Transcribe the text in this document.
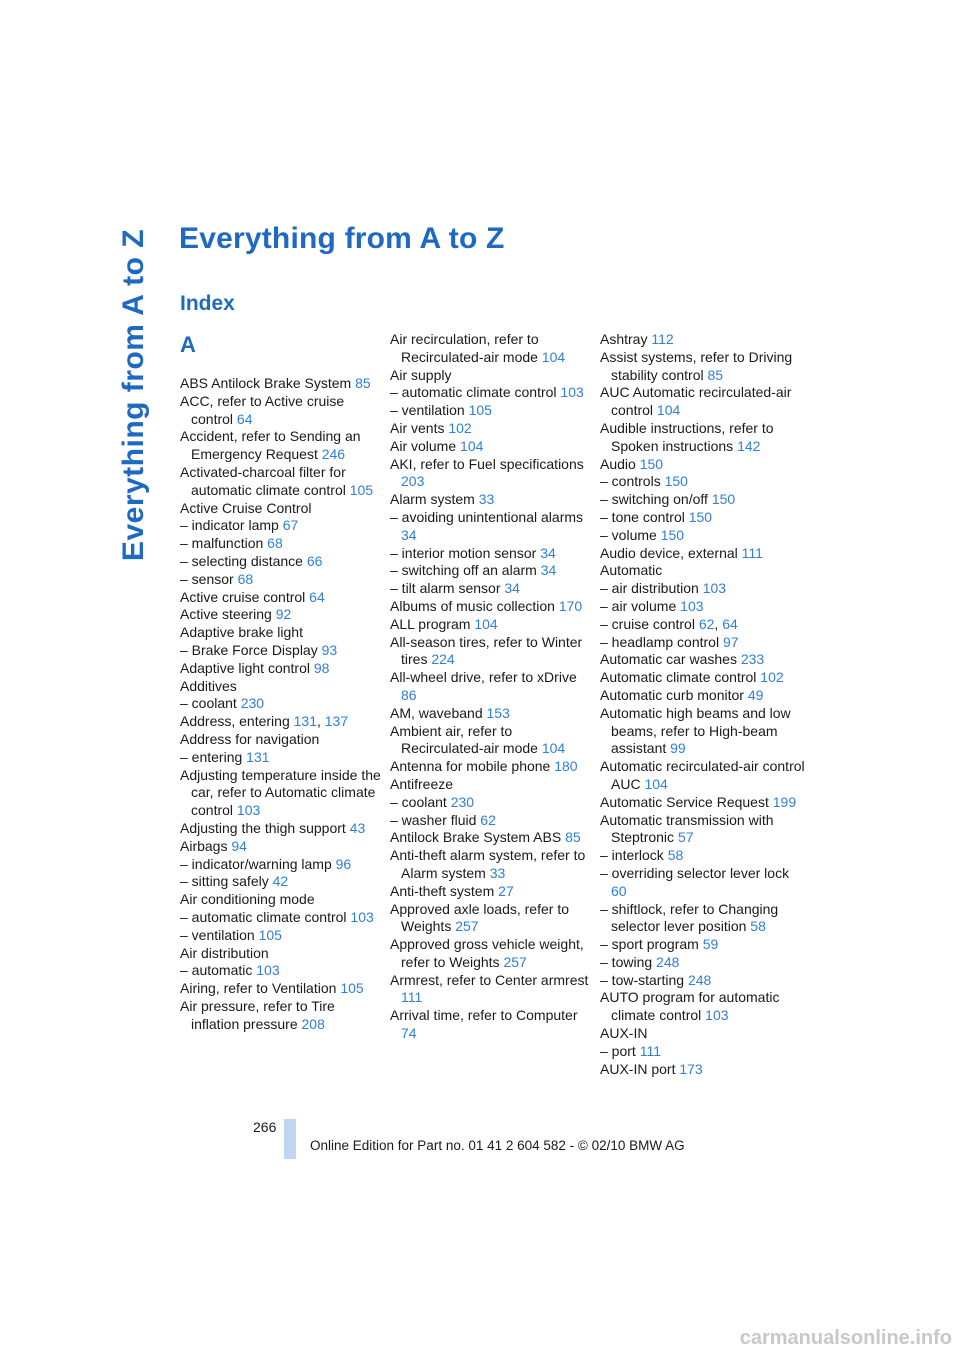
Everything from A to Z Everything from A to Z
Index
A
ABS Antilock Brake System 85
ACC, refer to Active cruise control 64
Accident, refer to Sending an Emergency Request 246
Activated-charcoal filter for automatic climate control 105
Active Cruise Control
– indicator lamp 67
– malfunction 68
– selecting distance 66
– sensor 68
Active cruise control 64
Active steering 92
Adaptive brake light
– Brake Force Display 93
Adaptive light control 98
Additives
– coolant 230
Address, entering 131, 137
Address for navigation
– entering 131
Adjusting temperature inside the car, refer to Automatic climate control 103
Adjusting the thigh support 43
Airbags 94
– indicator/warning lamp 96
– sitting safely 42
Air conditioning mode
– automatic climate control 103
– ventilation 105
Air distribution
– automatic 103
Airing, refer to Ventilation 105
Air pressure, refer to Tire inflation pressure 208
Air recirculation, refer to Recirculated-air mode 104
Air supply
– automatic climate control 103
– ventilation 105
Air vents 102
Air volume 104
AKI, refer to Fuel specifications 203
Alarm system 33
– avoiding unintentional alarms 34
– interior motion sensor 34
– switching off an alarm 34
– tilt alarm sensor 34
Albums of music collection 170
ALL program 104
All-season tires, refer to Winter tires 224
All-wheel drive, refer to xDrive 86
AM, waveband 153
Ambient air, refer to Recirculated-air mode 104
Antenna for mobile phone 180
Antifreeze
– coolant 230
– washer fluid 62
Antilock Brake System ABS 85
Anti-theft alarm system, refer to Alarm system 33
Anti-theft system 27
Approved axle loads, refer to Weights 257
Approved gross vehicle weight, refer to Weights 257
Armrest, refer to Center armrest 111
Arrival time, refer to Computer 74
Ashtray 112
Assist systems, refer to Driving stability control 85
AUC Automatic recirculated-air control 104
Audible instructions, refer to Spoken instructions 142
Audio 150
– controls 150
– switching on/off 150
– tone control 150
– volume 150
Audio device, external 111
Automatic
– air distribution 103
– air volume 103
– cruise control 62, 64
– headlamp control 97
Automatic car washes 233
Automatic climate control 102
Automatic curb monitor 49
Automatic high beams and low beams, refer to High-beam assistant 99
Automatic recirculated-air control AUC 104
Automatic Service Request 199
Automatic transmission with Steptronic 57
– interlock 58
– overriding selector lever lock 60
– shiftlock, refer to Changing selector lever position 58
– sport program 59
– towing 248
– tow-starting 248
AUTO program for automatic climate control 103
AUX-IN
– port 111
AUX-IN port 173
266
Online Edition for Part no. 01 41 2 604 582 - © 02/10 BMW AG
carmanualsonline.info
